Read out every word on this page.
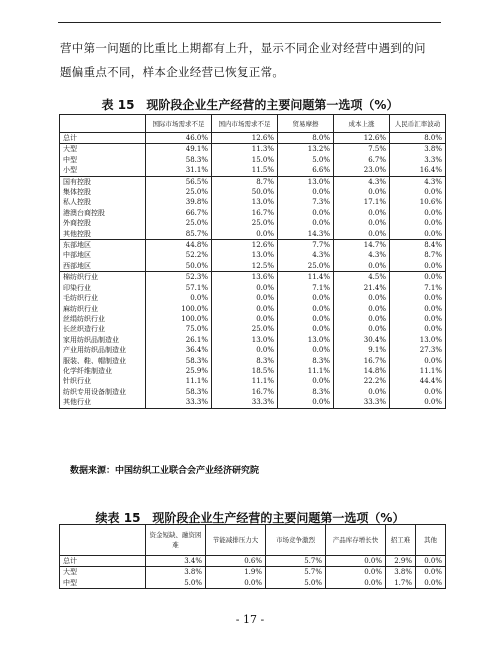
营中第一问题的比重比上期都有上升，显示不同企业对经营中遇到的问
题偏重点不同，样本企业经营已恢复正常。
表 15　现阶段企业生产经营的主要问题第一选项（%）
	国际市场需求不足	国内市场需求不足	贸易摩擦	成本上涨	人民币汇率波动
总计	46.0%	12.6%	8.0%	12.6%	8.0%
大型	49.1%	11.3%	13.2%	7.5%	3.8%
中型	58.3%	15.0%	5.0%	6.7%	3.3%
小型	31.1%	11.5%	6.6%	23.0%	16.4%
国有控股	56.5%	8.7%	13.0%	4.3%	4.3%
集体控股	25.0%	50.0%	0.0%	0.0%	0.0%
私人控股	39.8%	13.0%	7.3%	17.1%	10.6%
港澳台商控股	66.7%	16.7%	0.0%	0.0%	0.0%
外商控股	25.0%	25.0%	0.0%	0.0%	0.0%
其他控股	85.7%	0.0%	14.3%	0.0%	0.0%
东部地区	44.8%	12.6%	7.7%	14.7%	8.4%
中部地区	52.2%	13.0%	4.3%	4.3%	8.7%
西部地区	50.0%	12.5%	25.0%	0.0%	0.0%
棉纺织行业	52.3%	13.6%	11.4%	4.5%	0.0%
印染行业	57.1%	0.0%	7.1%	21.4%	7.1%
毛纺织行业	0.0%	0.0%	0.0%	0.0%	0.0%
麻纺织行业	100.0%	0.0%	0.0%	0.0%	0.0%
丝绢纺织行业	100.0%	0.0%	0.0%	0.0%	0.0%
长丝织造行业	75.0%	25.0%	0.0%	0.0%	0.0%
家用纺织品制造业	26.1%	13.0%	13.0%	30.4%	13.0%
产业用纺织品制造业	36.4%	0.0%	0.0%	9.1%	27.3%
服装、鞋、帽制造业	58.3%	8.3%	8.3%	16.7%	0.0%
化学纤维制造业	25.9%	18.5%	11.1%	14.8%	11.1%
针织行业	11.1%	11.1%	0.0%	22.2%	44.4%
纺织专用设备制造业	58.3%	16.7%	8.3%	0.0%	0.0%
其他行业	33.3%	33.3%	0.0%	33.3%	0.0%
数据来源：中国纺织工业联合会产业经济研究院
续表 15　现阶段企业生产经营的主要问题第一选项（%）
	资金短缺、融资困难	节能减排压力大	市场竞争激烈	产品库存增长快	招工难	其他
总计	3.4%	0.6%	5.7%	0.0%	2.9%	0.0%
大型	3.8%	1.9%	5.7%	0.0%	3.8%	0.0%
中型	5.0%	0.0%	5.0%	0.0%	1.7%	0.0%
- 17 -
